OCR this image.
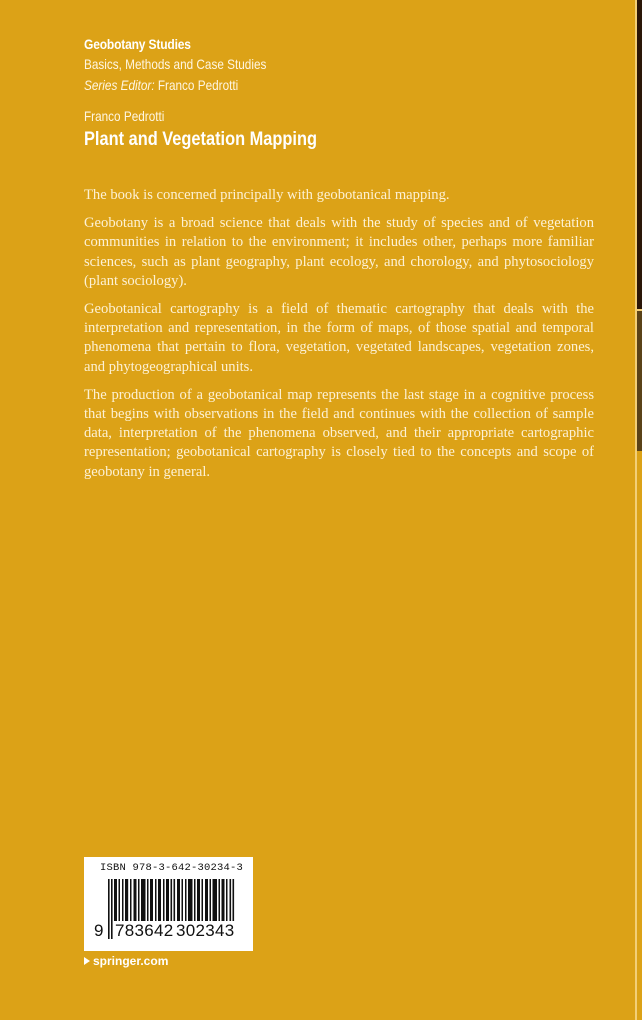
Geobotany Studies
Basics, Methods and Case Studies
Series Editor: Franco Pedrotti
Franco Pedrotti
Plant and Vegetation Mapping

The book is concerned principally with geobotanical mapping.

Geobotany is a broad science that deals with the study of species and of vegetation communities in relation to the environment; it includes other, perhaps more familiar sciences, such as plant geography, plant ecology, and chorology, and phytosociology (plant sociology).

Geobotanical cartography is a field of thematic cartography that deals with the interpretation and representation, in the form of maps, of those spatial and temporal phenomena that pertain to flora, vegetation, vegetated landscapes, vegetation zones, and phytogeographical units.

The production of a geobotanical map represents the last stage in a cognitive process that begins with observations in the field and continues with the collection of sample data, interpretation of the phenomena observed, and their appropriate cartographic representation; geobotanical cartography is closely tied to the concepts and scope of geobotany in general.

ISBN 978-3-642-30234-3
9 783642 302343
springer.com
